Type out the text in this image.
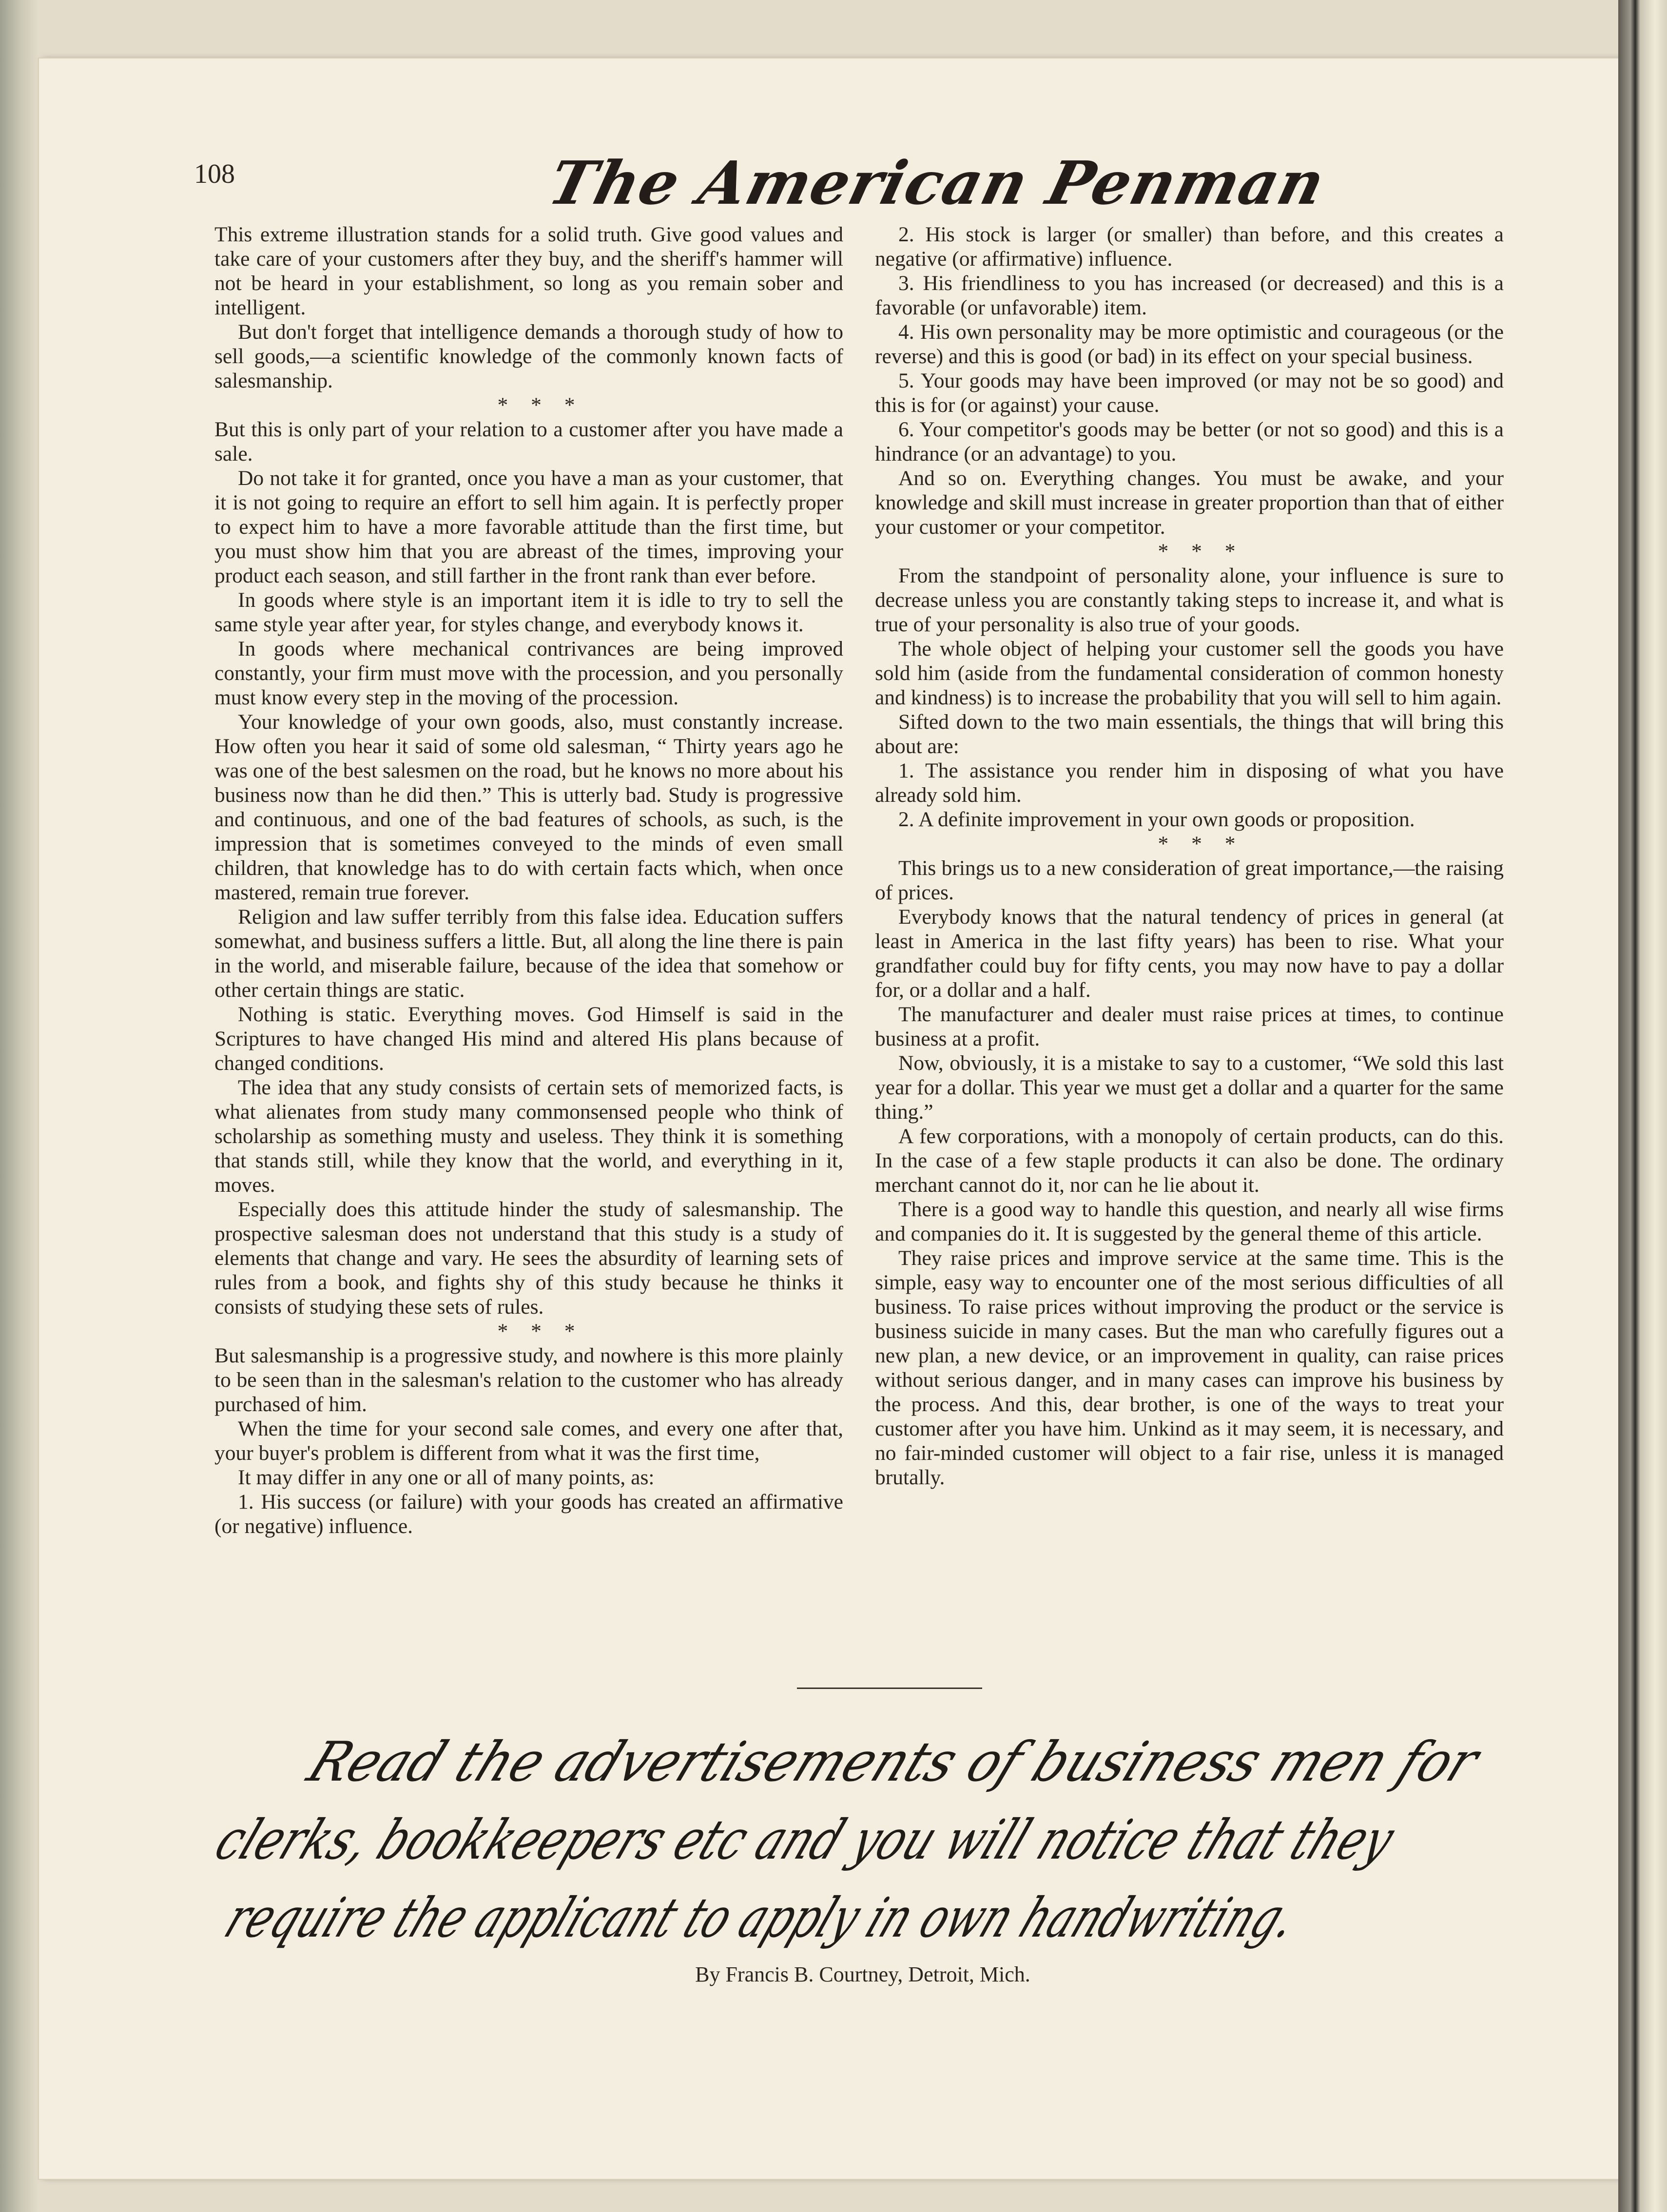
108	The American Penman

This extreme illustration stands for a solid truth. Give good values and take care of your customers after they buy, and the sheriff's hammer will not be heard in your establishment, so long as you remain sober and intelligent.

But don't forget that intelligence demands a thorough study of how to sell goods,—a scientific knowledge of the commonly known facts of salesmanship.

* * *

But this is only part of your relation to a customer after you have made a sale.

Do not take it for granted, once you have a man as your customer, that it is not going to require an effort to sell him again. It is perfectly proper to expect him to have a more favorable attitude than the first time, but you must show him that you are abreast of the times, improving your product each season, and still farther in the front rank than ever before.

In goods where style is an important item it is idle to try to sell the same style year after year, for styles change, and everybody knows it.

In goods where mechanical contrivances are being improved constantly, your firm must move with the procession, and you personally must know every step in the moving of the procession.

Your knowledge of your own goods, also, must constantly increase. How often you hear it said of some old salesman, “ Thirty years ago he was one of the best salesmen on the road, but he knows no more about his business now than he did then.” This is utterly bad. Study is progressive and continuous, and one of the bad features of schools, as such, is the impression that is sometimes conveyed to the minds of even small children, that knowledge has to do with certain facts which, when once mastered, remain true forever.

Religion and law suffer terribly from this false idea. Education suffers somewhat, and business suffers a little. But, all along the line there is pain in the world, and miserable failure, because of the idea that somehow or other certain things are static.

Nothing is static. Everything moves. God Himself is said in the Scriptures to have changed His mind and altered His plans because of changed conditions.

The idea that any study consists of certain sets of memorized facts, is what alienates from study many commonsensed people who think of scholarship as something musty and useless. They think it is something that stands still, while they know that the world, and everything in it, moves.

Especially does this attitude hinder the study of salesmanship. The prospective salesman does not understand that this study is a study of elements that change and vary. He sees the absurdity of learning sets of rules from a book, and fights shy of this study because he thinks it consists of studying these sets of rules.

* * *

But salesmanship is a progressive study, and nowhere is this more plainly to be seen than in the salesman's relation to the customer who has already purchased of him.

When the time for your second sale comes, and every one after that, your buyer's problem is different from what it was the first time,

It may differ in any one or all of many points, as:

1. His success (or failure) with your goods has created an affirmative (or negative) influence.

2. His stock is larger (or smaller) than before, and this creates a negative (or affirmative) influence.

3. His friendliness to you has increased (or decreased) and this is a favorable (or unfavorable) item.

4. His own personality may be more optimistic and courageous (or the reverse) and this is good (or bad) in its effect on your special business.

5. Your goods may have been improved (or may not be so good) and this is for (or against) your cause.

6. Your competitor's goods may be better (or not so good) and this is a hindrance (or an advantage) to you.

And so on. Everything changes. You must be awake, and your knowledge and skill must increase in greater proportion than that of either your customer or your competitor.

* * *

From the standpoint of personality alone, your influence is sure to decrease unless you are constantly taking steps to increase it, and what is true of your personality is also true of your goods.

The whole object of helping your customer sell the goods you have sold him (aside from the fundamental consideration of common honesty and kindness) is to increase the probability that you will sell to him again.

Sifted down to the two main essentials, the things that will bring this about are:

1. The assistance you render him in disposing of what you have already sold him.

2. A definite improvement in your own goods or proposition.

* * *

This brings us to a new consideration of great importance,—the raising of prices.

Everybody knows that the natural tendency of prices in general (at least in America in the last fifty years) has been to rise. What your grandfather could buy for fifty cents, you may now have to pay a dollar for, or a dollar and a half.

The manufacturer and dealer must raise prices at times, to continue business at a profit.

Now, obviously, it is a mistake to say to a customer, “We sold this last year for a dollar. This year we must get a dollar and a quarter for the same thing.”

A few corporations, with a monopoly of certain products, can do this. In the case of a few staple products it can also be done. The ordinary merchant cannot do it, nor can he lie about it.

There is a good way to handle this question, and nearly all wise firms and companies do it. It is suggested by the general theme of this article.

They raise prices and improve service at the same time. This is the simple, easy way to encounter one of the most serious difficulties of all business. To raise prices without improving the product or the service is business suicide in many cases. But the man who carefully figures out a new plan, a new device, or an improvement in quality, can raise prices without serious danger, and in many cases can improve his business by the process. And this, dear brother, is one of the ways to treat your customer after you have him. Unkind as it may seem, it is necessary, and no fair-minded customer will object to a fair rise, unless it is managed brutally.

Read the advertisements of business men for
clerks, bookkeepers etc and you will notice that they
require the applicant to apply in own handwriting.
By Francis B. Courtney, Detroit, Mich.
